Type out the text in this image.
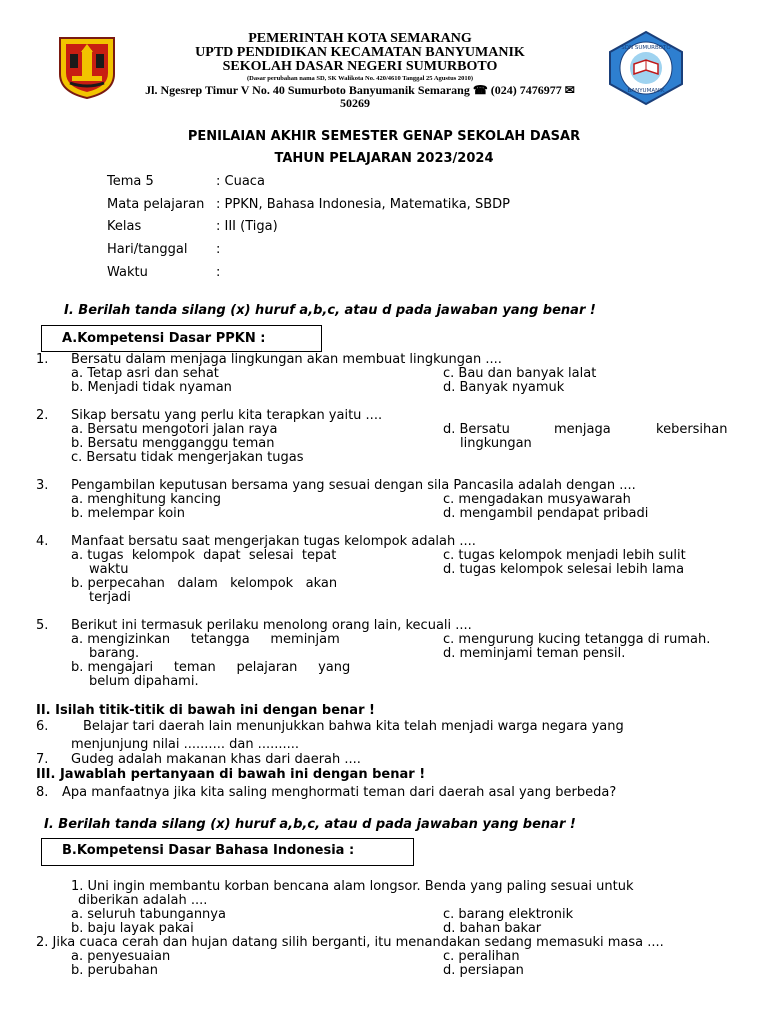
PEMERINTAH KOTA SEMARANG
UPTD PENDIDIKAN KECAMATAN BANYUMANIK
SEKOLAH DASAR NEGERI SUMURBOTO
(Dasar perubahan nama SD, SK Walikota No. 420/4610 Tanggal 25 Agustus 2010)
Jl. Ngesrep Timur V No. 40 Sumurboto Banyumanik Semarang ☎ (024) 7476977 ✉
50269
SDN SUMURBOTO
BANYUMANIK
PENILAIAN AKHIR SEMESTER GENAP SEKOLAH DASAR
TAHUN PELAJARAN 2023/2024
Tema 5	: Cuaca
Mata pelajaran : PPKN, Bahasa Indonesia, Matematika, SBDP
Kelas	: III (Tiga)
Hari/tanggal :
Waktu	:
I. Berilah tanda silang (x) huruf a,b,c, atau d pada jawaban yang benar !
A.Kompetensi Dasar PPKN :
1. Bersatu dalam menjaga lingkungan akan membuat lingkungan ....
a. Tetap asri dan sehat
b. Menjadi tidak nyaman
c. Bau dan banyak lalat
d. Banyak nyamuk
2. Sikap bersatu yang perlu kita terapkan yaitu ....
a. Bersatu mengotori jalan raya
b. Bersatu mengganggu teman
c. Bersatu tidak mengerjakan tugas
d. Bersatu	menjaga	kebersihan
lingkungan
3. Pengambilan keputusan bersama yang sesuai dengan sila Pancasila adalah dengan ....
a. menghitung kancing
b. melempar koin
c. mengadakan musyawarah
d. mengambil pendapat pribadi
4. Manfaat bersatu saat mengerjakan tugas kelompok adalah ....
a. tugas  kelompok  dapat  selesai  tepat
waktu
b. perpecahan   dalam   kelompok   akan
terjadi
c. tugas kelompok menjadi lebih sulit
d. tugas kelompok selesai lebih lama
5. Berikut ini termasuk perilaku menolong orang lain, kecuali ....
a. mengizinkan     tetangga     meminjam
barang.
b. mengajari     teman     pelajaran     yang
belum dipahami.
c. mengurung kucing tetangga di rumah.
d. meminjami teman pensil.
II. Isilah titik-titik di bawah ini dengan benar !
6.	Belajar tari daerah lain menunjukkan bahwa kita telah menjadi warga negara yang
menjunjung nilai .......... dan ..........
7. Gudeg adalah makanan khas dari daerah ....
III. Jawablah pertanyaan di bawah ini dengan benar !
8. Apa manfaatnya jika kita saling menghormati teman dari daerah asal yang berbeda?
I. Berilah tanda silang (x) huruf a,b,c, atau d pada jawaban yang benar !
B.Kompetensi Dasar Bahasa Indonesia :
1. Uni ingin membantu korban bencana alam longsor. Benda yang paling sesuai untuk
diberikan adalah ....
a. seluruh tabungannya
b. baju layak pakai
c. barang elektronik
d. bahan bakar
2. Jika cuaca cerah dan hujan datang silih berganti, itu menandakan sedang memasuki masa ....
a. penyesuaian
b. perubahan
c. peralihan
d. persiapan
